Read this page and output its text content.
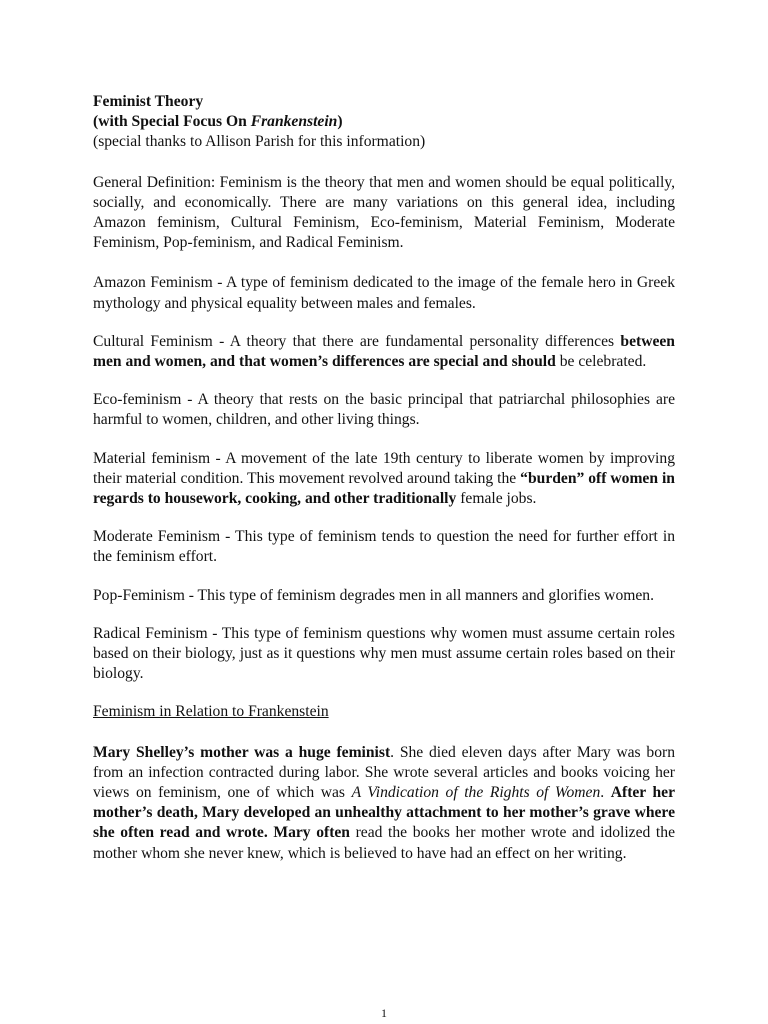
Feminist Theory

(with Special Focus On Frankenstein)

(special thanks to Allison Parish for this information)

General Definition: Feminism is the theory that men and women should be equal politically, socially, and economically. There are many variations on this general idea, including Amazon feminism, Cultural Feminism, Eco-feminism, Material Feminism, Moderate Feminism, Pop-feminism, and Radical Feminism.

Amazon Feminism - A type of feminism dedicated to the image of the female hero in Greek mythology and physical equality between males and females.

Cultural Feminism - A theory that there are fundamental personality differences between men and women, and that women’s differences are special and should be celebrated.

Eco-feminism - A theory that rests on the basic principal that patriarchal philosophies are harmful to women, children, and other living things.

Material feminism - A movement of the late 19th century to liberate women by improving their material condition. This movement revolved around taking the “burden” off women in regards to housework, cooking, and other traditionally female jobs.

Moderate Feminism - This type of feminism tends to question the need for further effort in the feminism effort.

Pop-Feminism - This type of feminism degrades men in all manners and glorifies women.

Radical Feminism - This type of feminism questions why women must assume certain roles based on their biology, just as it questions why men must assume certain roles based on their biology.

Feminism in Relation to Frankenstein

Mary Shelley’s mother was a huge feminist. She died eleven days after Mary was born from an infection contracted during labor. She wrote several articles and books voicing her views on feminism, one of which was A Vindication of the Rights of Women. After her mother’s death, Mary developed an unhealthy attachment to her mother’s grave where she often read and wrote. Mary often read the books her mother wrote and idolized the mother whom she never knew, which is believed to have had an effect on her writing.

1
